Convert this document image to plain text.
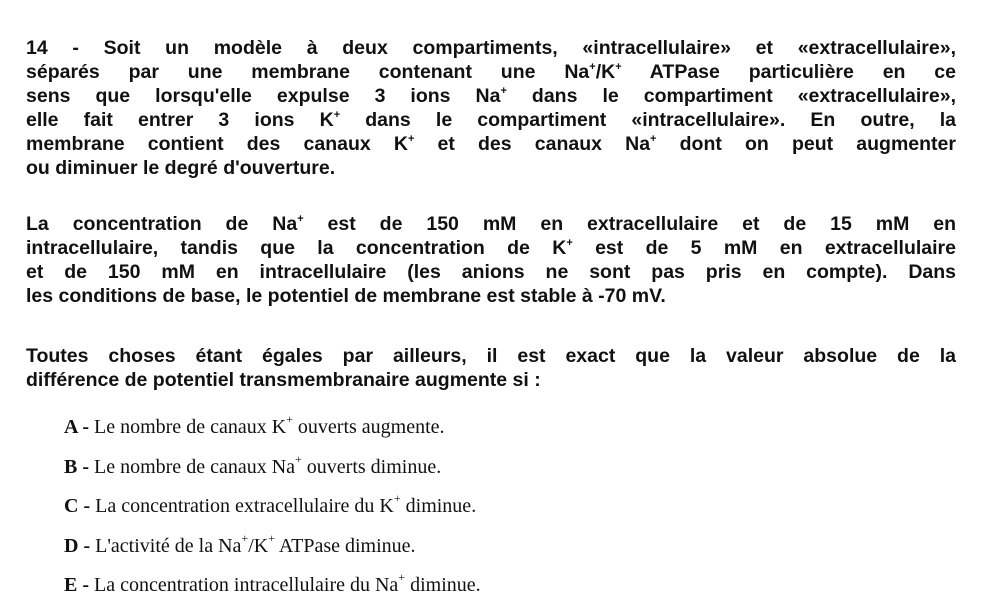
14 - Soit un modèle à deux compartiments, «intracellulaire» et «extracellulaire»,
séparés par une membrane contenant une Na+/K+ ATPase particulière en ce
sens que lorsqu'elle expulse 3 ions Na+ dans le compartiment «extracellulaire»,
elle fait entrer 3 ions K+ dans le compartiment «intracellulaire». En outre, la
membrane contient des canaux K+ et des canaux Na+ dont on peut augmenter
ou diminuer le degré d'ouverture.

La concentration de Na+ est de 150 mM en extracellulaire et de 15 mM en
intracellulaire, tandis que la concentration de K+ est de 5 mM en extracellulaire
et de 150 mM en intracellulaire (les anions ne sont pas pris en compte). Dans
les conditions de base, le potentiel de membrane est stable à -70 mV.

Toutes choses étant égales par ailleurs, il est exact que la valeur absolue de la
différence de potentiel transmembranaire augmente si :

A - Le nombre de canaux K+ ouverts augmente.
B - Le nombre de canaux Na+ ouverts diminue.
C - La concentration extracellulaire du K+ diminue.
D - L'activité de la Na+/K+ ATPase diminue.
E - La concentration intracellulaire du Na+ diminue.
